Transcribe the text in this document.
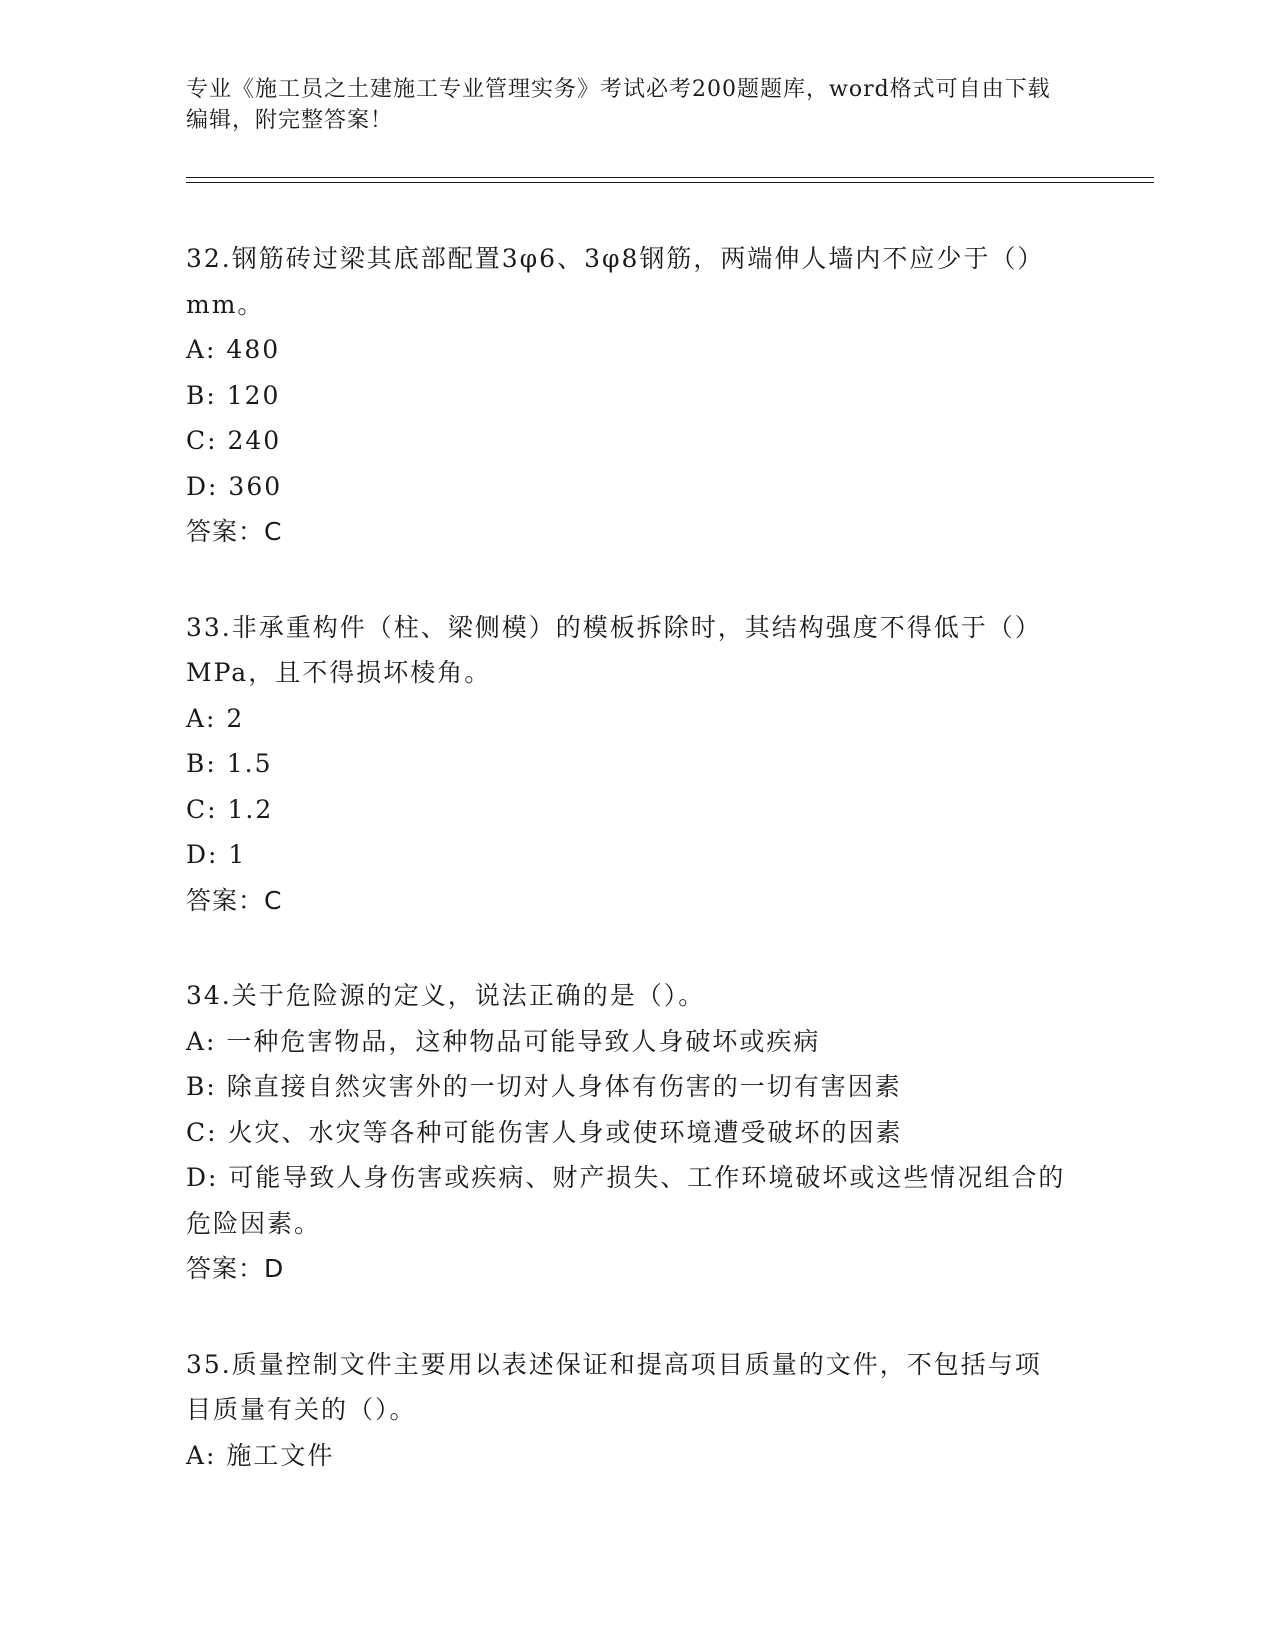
专业《施工员之土建施工专业管理实务》考试必考200题题库，word格式可自由下载编辑，附完整答案！
32.钢筋砖过梁其底部配置3φ6、3φ8钢筋，两端伸人墙内不应少于（）mm。
A: 480
B: 120
C: 240
D: 360
答案：C
33.非承重构件（柱、梁侧模）的模板拆除时，其结构强度不得低于（）MPa，且不得损坏棱角。
A: 2
B: 1.5
C: 1.2
D: 1
答案：C
34.关于危险源的定义，说法正确的是（）。
A: 一种危害物品，这种物品可能导致人身破坏或疾病
B: 除直接自然灾害外的一切对人身体有伤害的一切有害因素
C: 火灾、水灾等各种可能伤害人身或使环境遭受破坏的因素
D: 可能导致人身伤害或疾病、财产损失、工作环境破坏或这些情况组合的危险因素。
答案：D
35.质量控制文件主要用以表述保证和提高项目质量的文件，不包括与项目质量有关的（）。
A: 施工文件
